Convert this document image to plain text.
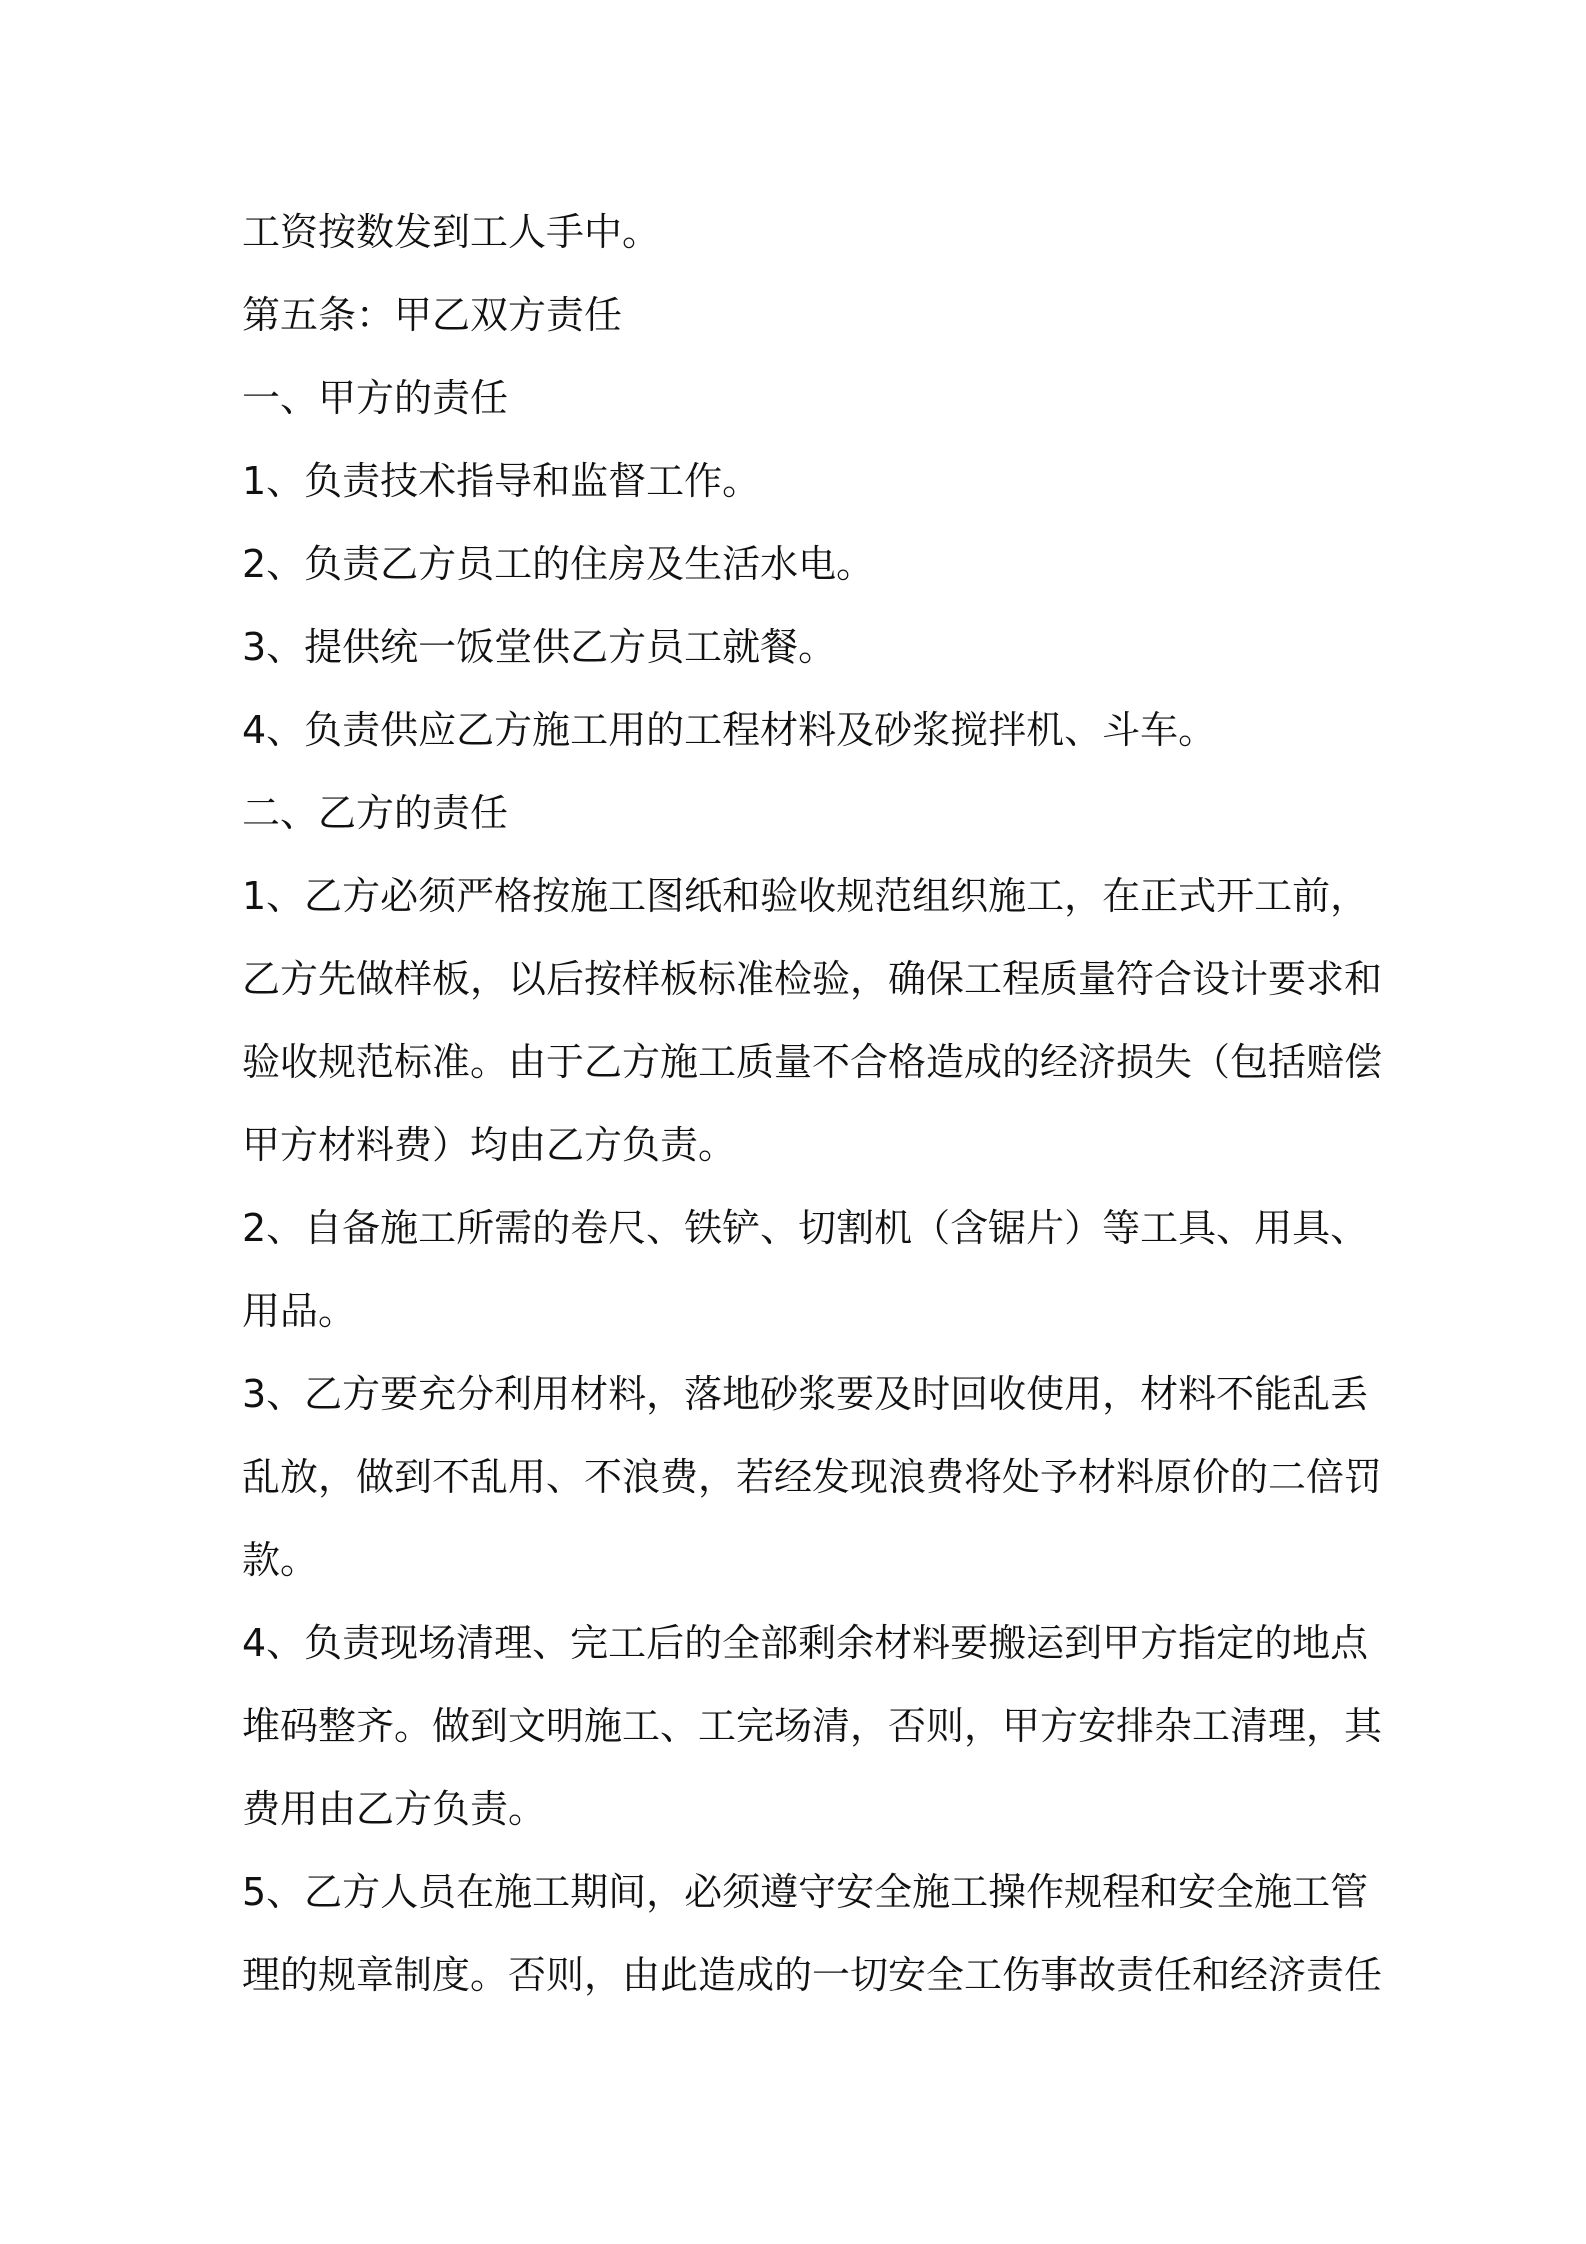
工资按数发到工人手中。
第五条：甲乙双方责任
一、甲方的责任
1、负责技术指导和监督工作。
2、负责乙方员工的住房及生活水电。
3、提供统一饭堂供乙方员工就餐。
4、负责供应乙方施工用的工程材料及砂浆搅拌机、斗车。
二、乙方的责任
1、乙方必须严格按施工图纸和验收规范组织施工，在正式开工前，
乙方先做样板，以后按样板标准检验，确保工程质量符合设计要求和
验收规范标准。由于乙方施工质量不合格造成的经济损失（包括赔偿
甲方材料费）均由乙方负责。
2、自备施工所需的卷尺、铁铲、切割机（含锯片）等工具、用具、
用品。
3、乙方要充分利用材料，落地砂浆要及时回收使用，材料不能乱丢
乱放，做到不乱用、不浪费，若经发现浪费将处予材料原价的二倍罚
款。
4、负责现场清理、完工后的全部剩余材料要搬运到甲方指定的地点
堆码整齐。做到文明施工、工完场清，否则，甲方安排杂工清理，其
费用由乙方负责。
5、乙方人员在施工期间，必须遵守安全施工操作规程和安全施工管
理的规章制度。否则，由此造成的一切安全工伤事故责任和经济责任
